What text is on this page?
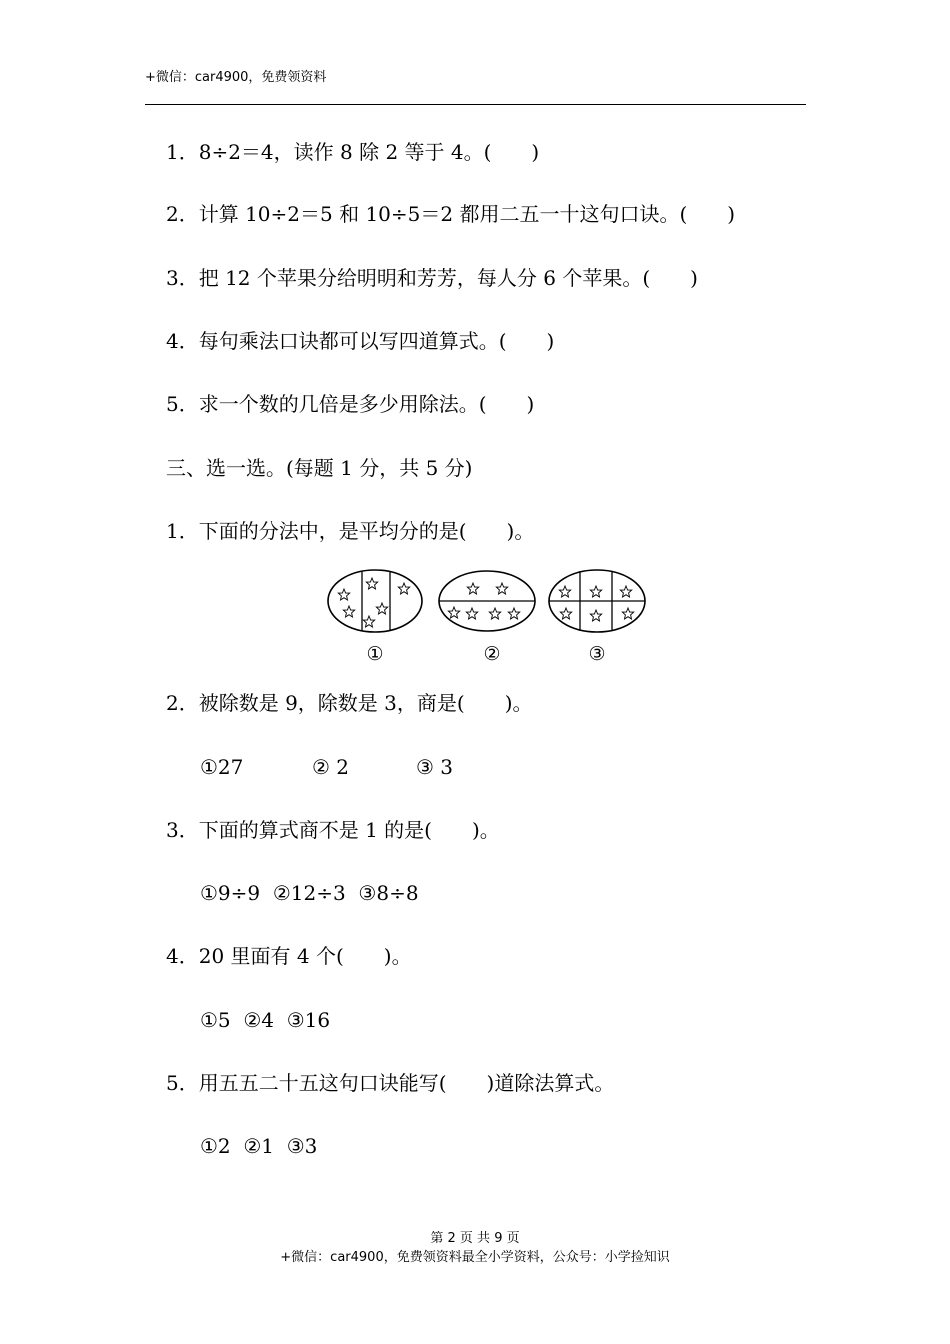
+微信：car4900，免费领资料
1．8÷2＝4，读作 8 除 2 等于 4。(　　)
2．计算 10÷2＝5 和 10÷5＝2 都用二五一十这句口诀。(　　)
3．把 12 个苹果分给明明和芳芳，每人分 6 个苹果。(　　)
4．每句乘法口诀都可以写四道算式。(　　)
5．求一个数的几倍是多少用除法。(　　)
三、选一选。(每题 1 分，共 5 分)
1．下面的分法中，是平均分的是(　　)。
①	②	③
2．被除数是 9，除数是 3，商是(　　)。
①27	② 2	③ 3
3．下面的算式商不是 1 的是(　　)。
①9÷9  ②12÷3  ③8÷8
4．20 里面有 4 个(　　)。
①5  ②4  ③16
5．用五五二十五这句口诀能写(　　)道除法算式。
①2  ②1  ③3
第 2 页 共 9 页
+微信：car4900，免费领资料最全小学资料，公众号：小学捡知识
